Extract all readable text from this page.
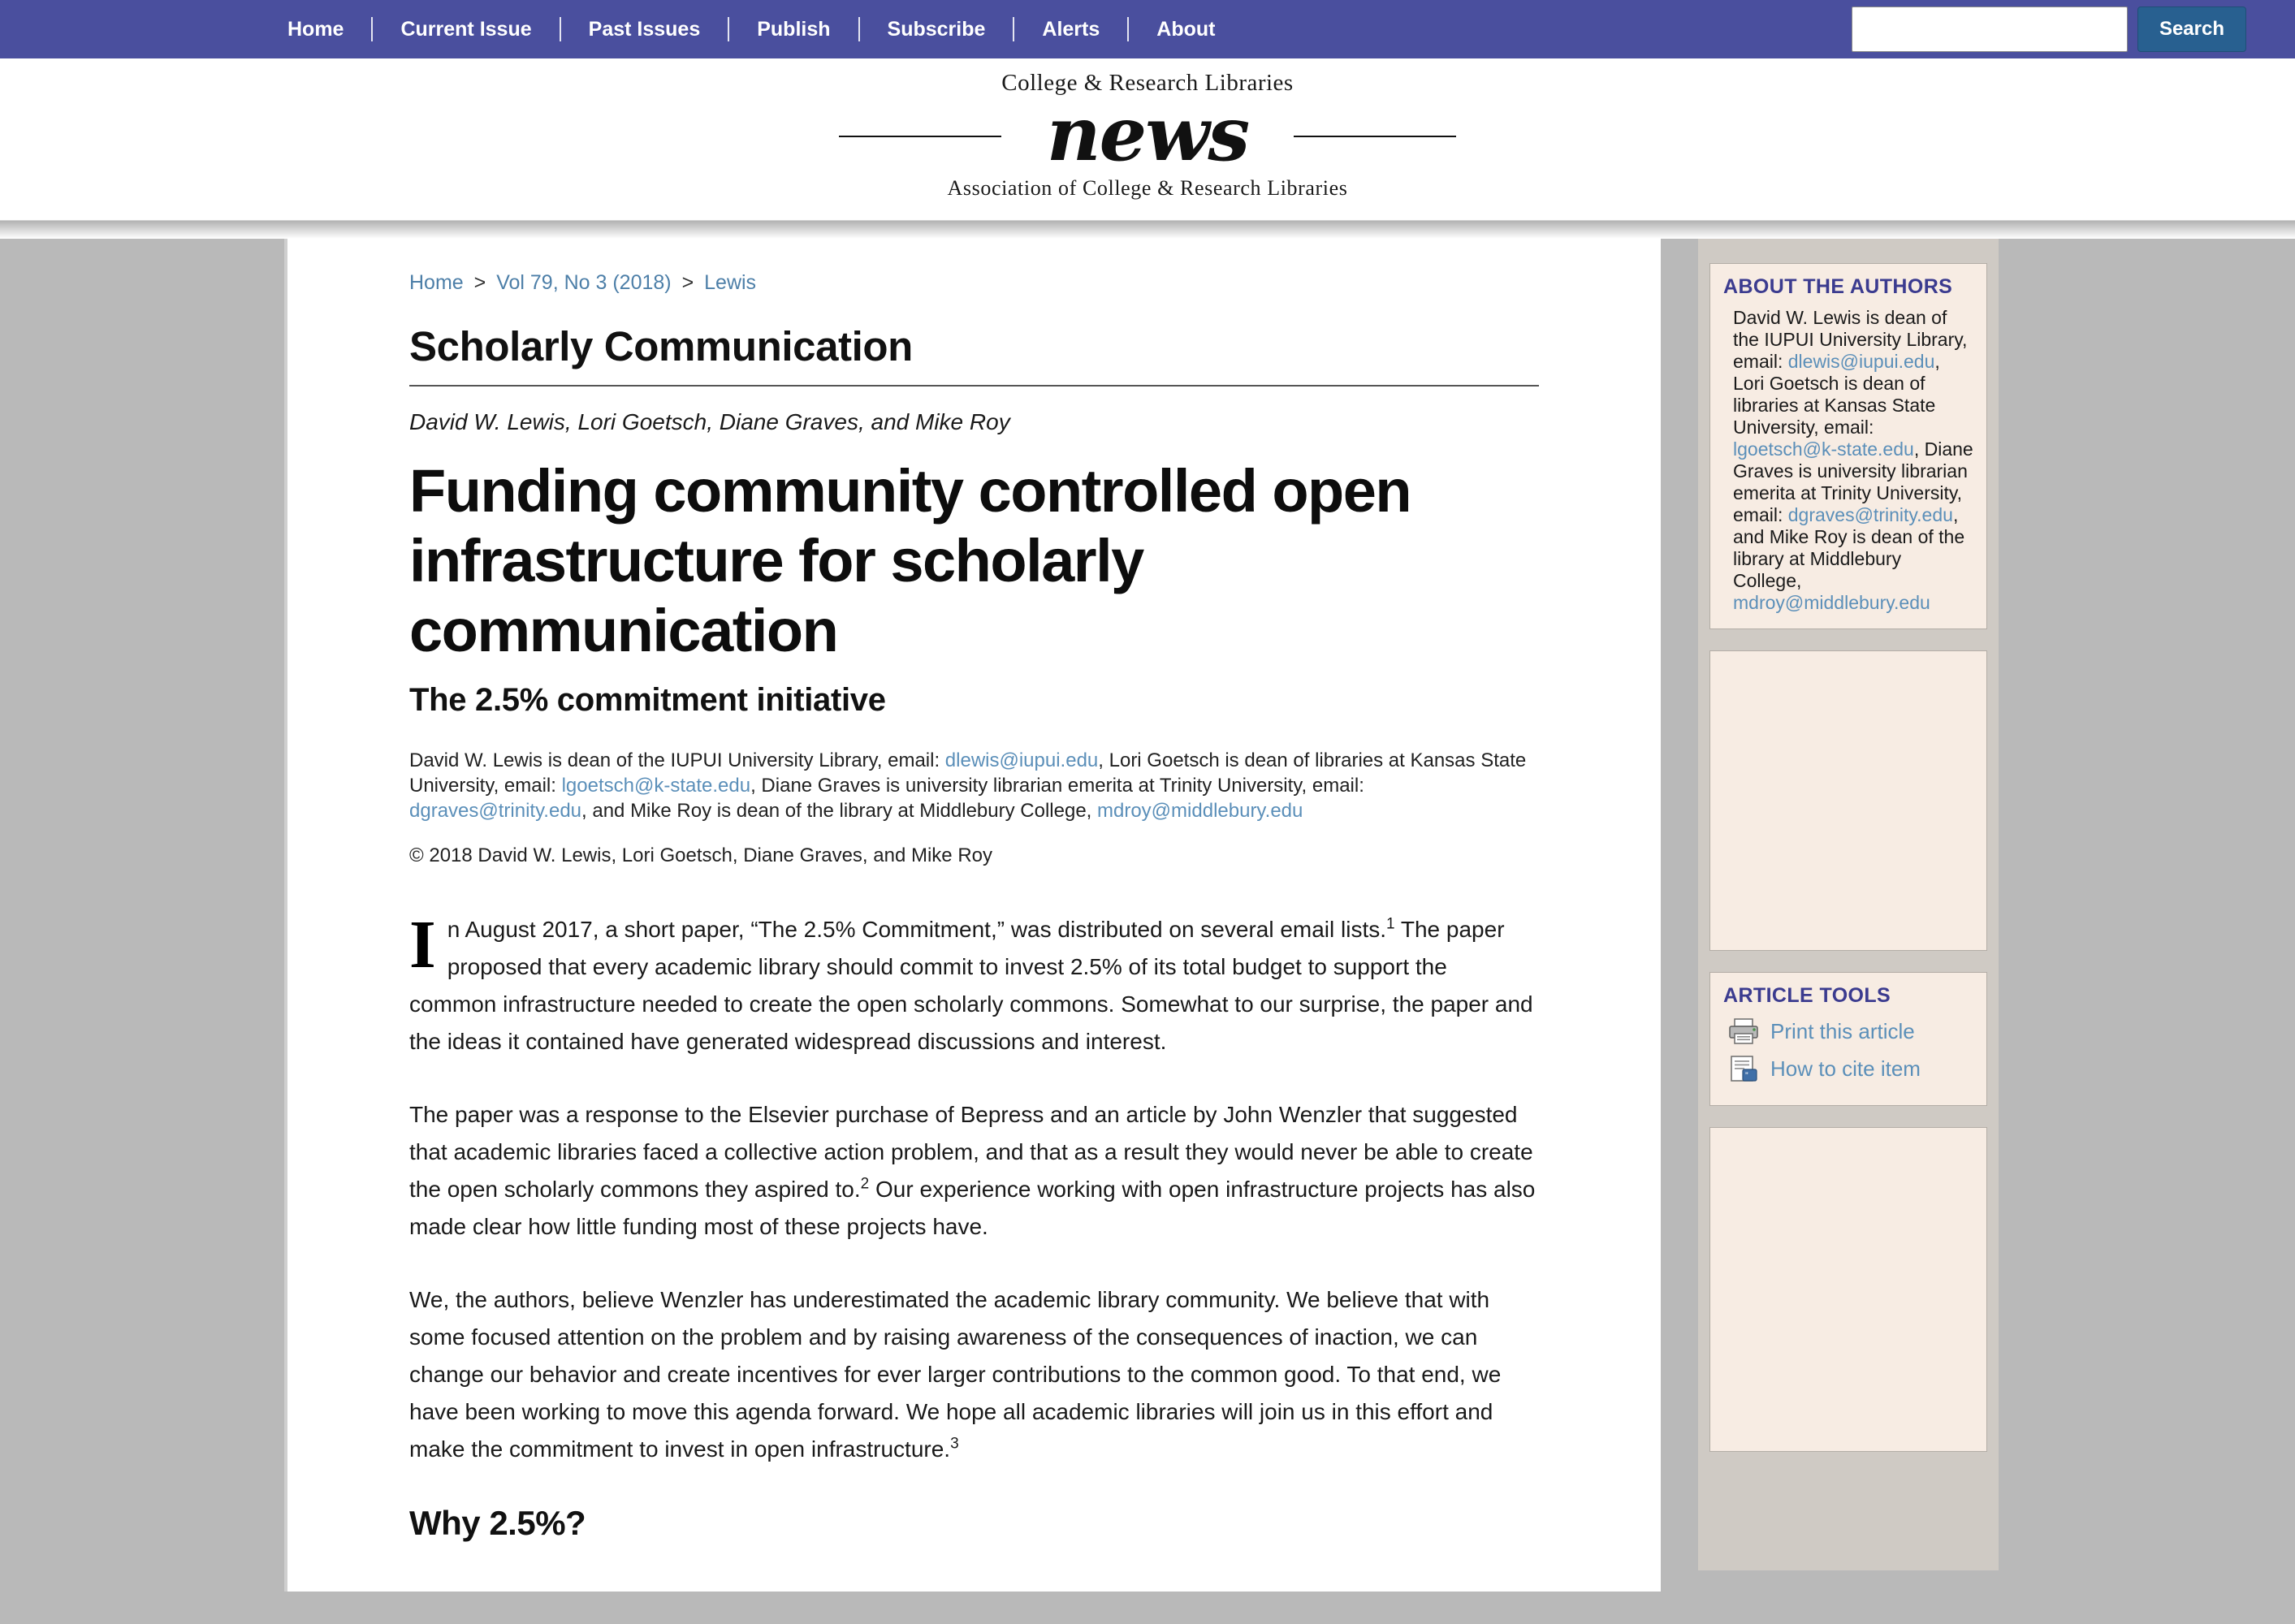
Home	Current Issue	Past Issues	Publish	Subscribe	Alerts	About	Search
College & Research Libraries
news
Association of College & Research Libraries
Home > Vol 79, No 3 (2018) > Lewis
Scholarly Communication
David W. Lewis, Lori Goetsch, Diane Graves, and Mike Roy
Funding community controlled open infrastructure for scholarly communication
The 2.5% commitment initiative
David W. Lewis is dean of the IUPUI University Library, email: dlewis@iupui.edu, Lori Goetsch is dean of libraries at Kansas State University, email: lgoetsch@k-state.edu, Diane Graves is university librarian emerita at Trinity University, email: dgraves@trinity.edu, and Mike Roy is dean of the library at Middlebury College, mdroy@middlebury.edu
© 2018 David W. Lewis, Lori Goetsch, Diane Graves, and Mike Roy

In August 2017, a short paper, “The 2.5% Commitment,” was distributed on several email lists.$^1$ The paper proposed that every academic library should commit to invest 2.5% of its total budget to support the common infrastructure needed to create the open scholarly commons. Somewhat to our surprise, the paper and the ideas it contained have generated widespread discussions and interest.

The paper was a response to the Elsevier purchase of Bepress and an article by John Wenzler that suggested that academic libraries faced a collective action problem, and that as a result they would never be able to create the open scholarly commons they aspired to.$^2$ Our experience working with open infrastructure projects has also made clear how little funding most of these projects have.

We, the authors, believe Wenzler has underestimated the academic library community. We believe that with some focused attention on the problem and by raising awareness of the consequences of inaction, we can change our behavior and create incentives for ever larger contributions to the common good. To that end, we have been working to move this agenda forward. We hope all academic libraries will join us in this effort and make the commitment to invest in open infrastructure.$^3$

Why 2.5%?
ABOUT THE AUTHORS
David W. Lewis is dean of the IUPUI University Library, email: dlewis@iupui.edu, Lori Goetsch is dean of libraries at Kansas State University, email: lgoetsch@k-state.edu, Diane Graves is university librarian emerita at Trinity University, email: dgraves@trinity.edu, and Mike Roy is dean of the library at Middlebury College, mdroy@middlebury.edu
ARTICLE TOOLS
Print this article
” How to cite item
